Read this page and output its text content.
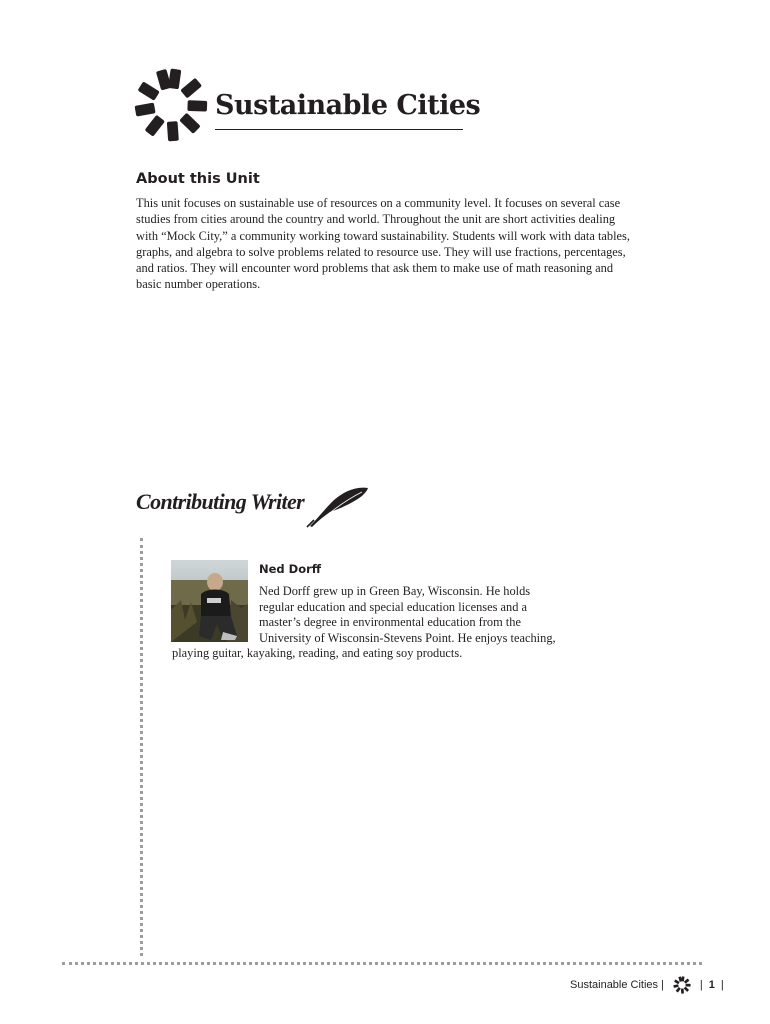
Sustainable Cities
About this Unit
This unit focuses on sustainable use of resources on a community level. It focuses on several case
studies from cities around the country and world. Throughout the unit are short activities dealing
with “Mock City,” a community working toward sustainability. Students will work with data tables,
graphs, and algebra to solve problems related to resource use. They will use fractions, percentages,
and ratios. They will encounter word problems that ask them to make use of math reasoning and
basic number operations.
Contributing Writer
Ned Dorff
Ned Dorff grew up in Green Bay, Wisconsin. He holds
regular education and special education licenses and a
master’s degree in environmental education from the
University of Wisconsin-Stevens Point. He enjoys teaching,
playing guitar, kayaking, reading, and eating soy products.
Sustainable Cities |	| 1 |
